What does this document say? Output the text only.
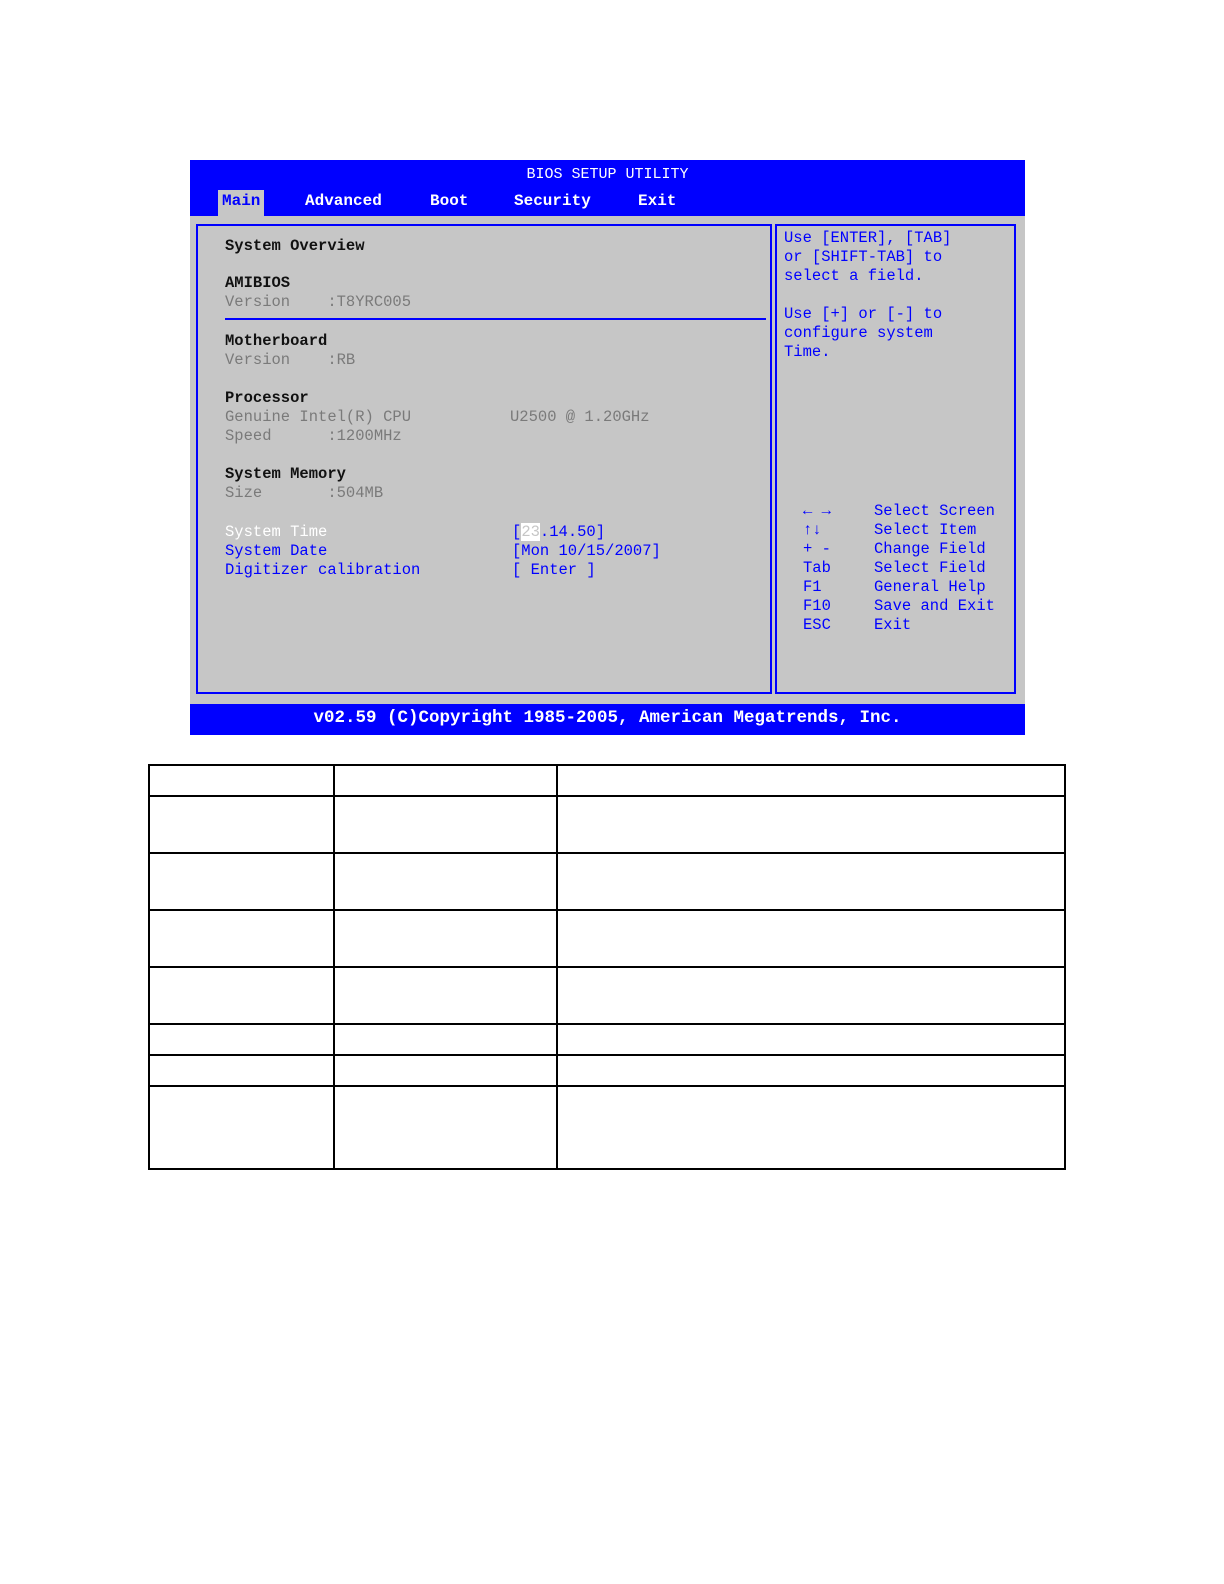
BIOS SETUP UTILITY
Main	Advanced	Boot	Security	Exit
System Overview
AMIBIOS
Version    :T8YRC005
Motherboard
Version    :RB
Processor
Genuine Intel(R) CPU	U2500 @ 1.20GHz
Speed      :1200MHz
System Memory
Size       :504MB
System Time	[23.14.50]
System Date	[Mon 10/15/2007]
Digitizer calibration	[ Enter ]
Use [ENTER], [TAB]
or [SHIFT-TAB] to
select a field.
Use [+] or [-] to
configure system
Time.
← →	Select Screen
↑↓	Select Item
+ -	Change Field
Tab	Select Field
F1	General Help
F10	Save and Exit
ESC	Exit
v02.59 (C)Copyright 1985-2005, American Megatrends, Inc.
